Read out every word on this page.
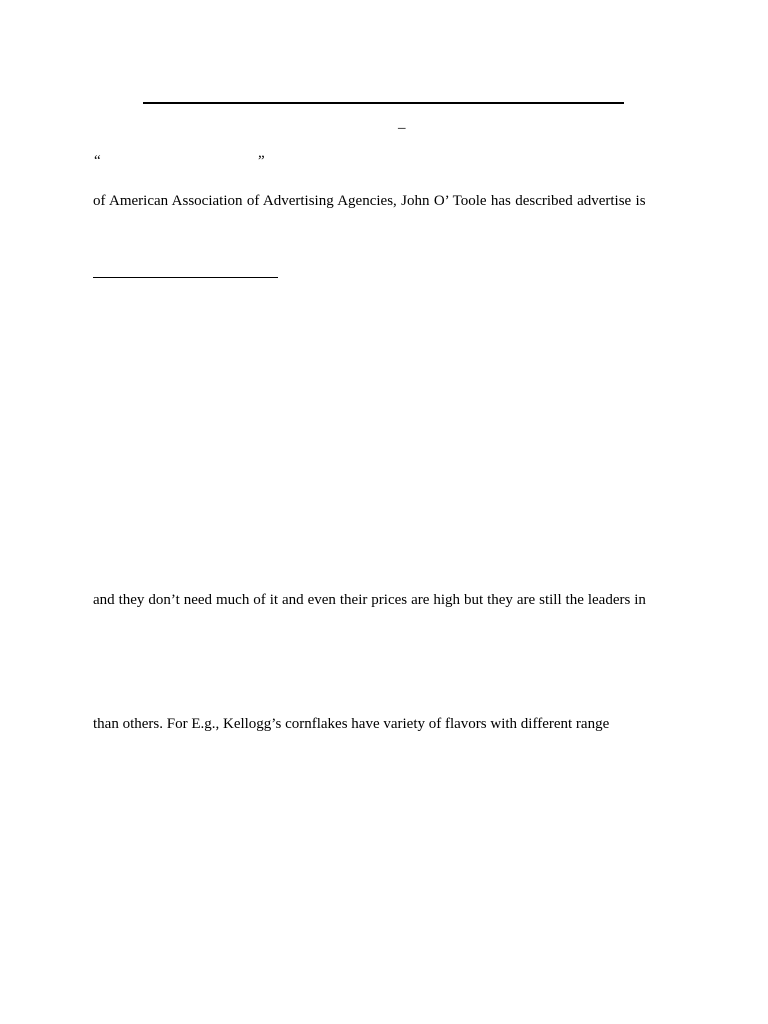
–
“	”
of American Association of Advertising Agencies, John O’ Toole has described advertise is
and they don’t need much of it and even their prices are high but they are still the leaders in
than others. For E.g., Kellogg’s cornflakes have variety of flavors with different range
